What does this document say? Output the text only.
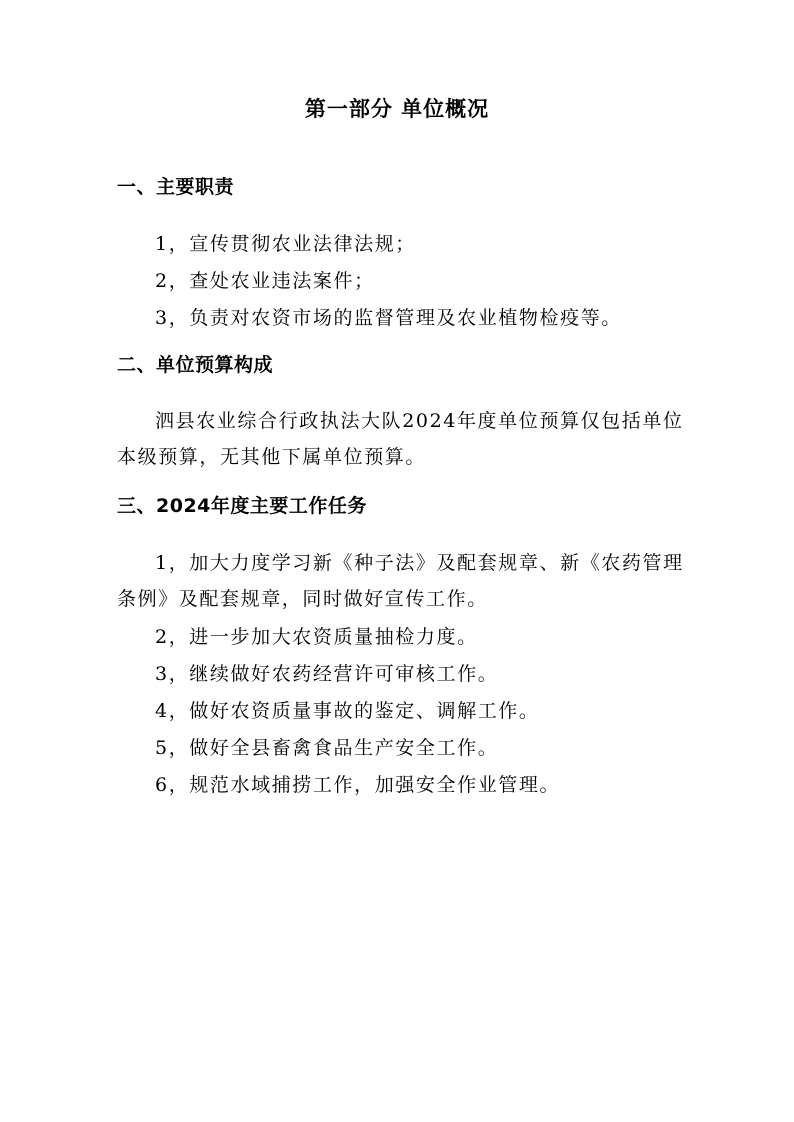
第一部分 单位概况
一、主要职责

1，宣传贯彻农业法律法规；

2，查处农业违法案件；

3，负责对农资市场的监督管理及农业植物检疫等。

二、单位预算构成

泗县农业综合行政执法大队2024年度单位预算仅包括单位本级预算，无其他下属单位预算。

三、2024年度主要工作任务

1，加大力度学习新《种子法》及配套规章、新《农药管理条例》及配套规章，同时做好宣传工作。

2，进一步加大农资质量抽检力度。

3，继续做好农药经营许可审核工作。

4，做好农资质量事故的鉴定、调解工作。

5，做好全县畜禽食品生产安全工作。

6，规范水域捕捞工作，加强安全作业管理。
